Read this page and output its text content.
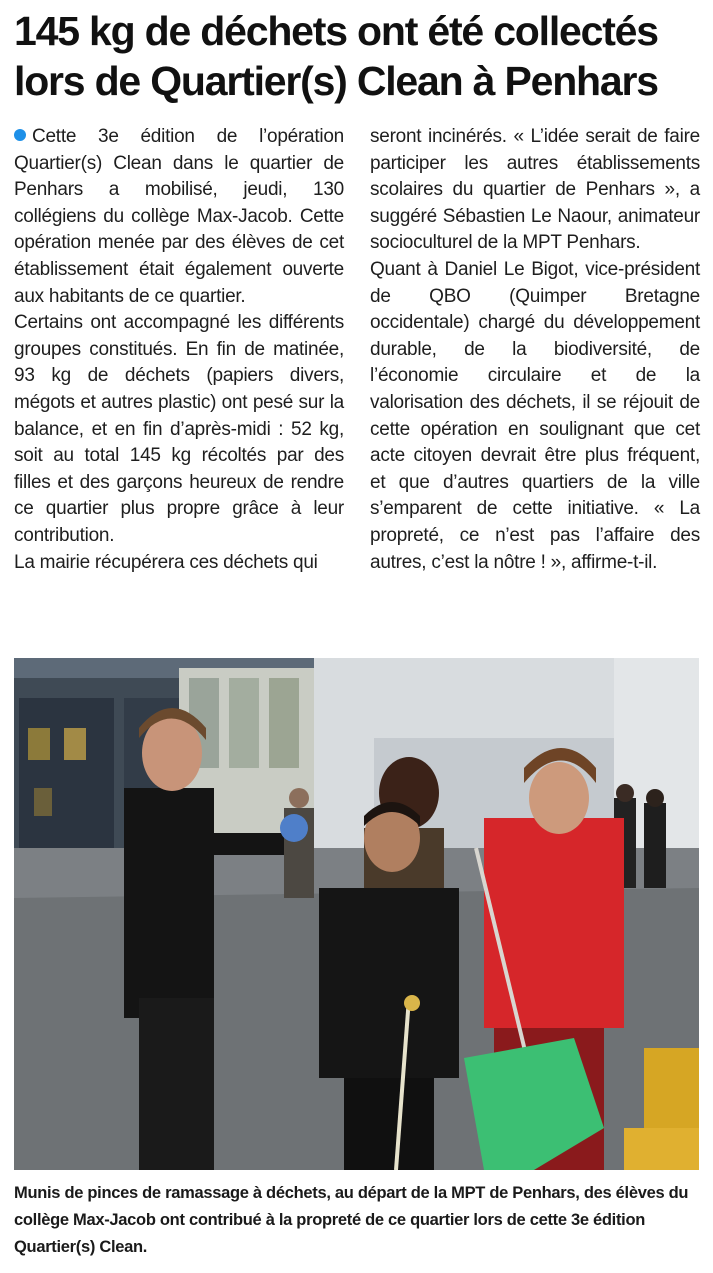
145 kg de déchets ont été collectés
lors de Quartier(s) Clean à Penhars

Cette 3e édition de l’opération Quartier(s) Clean dans le quartier de Penhars a mobilisé, jeudi, 130 collégiens du collège Max-Jacob. Cette opération menée par des élèves de cet établissement était également ouverte aux habitants de ce quartier.

Certains ont accompagné les différents groupes constitués. En fin de matinée, 93 kg de déchets (papiers divers, mégots et autres plastic) ont pesé sur la balance, et en fin d’après-midi : 52 kg, soit au total 145 kg récoltés par des filles et des garçons heureux de rendre ce quartier plus propre grâce à leur contribution.

La mairie récupérera ces déchets qui

seront incinérés. « L’idée serait de faire participer les autres établissements scolaires du quartier de Penhars », a suggéré Sébastien Le Naour, animateur socioculturel de la MPT Penhars.

Quant à Daniel Le Bigot, vice-président de QBO (Quimper Bretagne occidentale) chargé du développement durable, de la biodiversité, de l’économie circulaire et de la valorisation des déchets, il se réjouit de cette opération en soulignant que cet acte citoyen devrait être plus fréquent, et que d’autres quartiers de la ville s’emparent de cette initiative. « La propreté, ce n’est pas l’affaire des autres, c’est la nôtre ! », affirme-t-il.

Munis de pinces de ramassage à déchets, au départ de la MPT de Penhars, des élèves du collège Max-Jacob ont contribué à la propreté de ce quartier lors de cette 3e édition Quartier(s) Clean.
